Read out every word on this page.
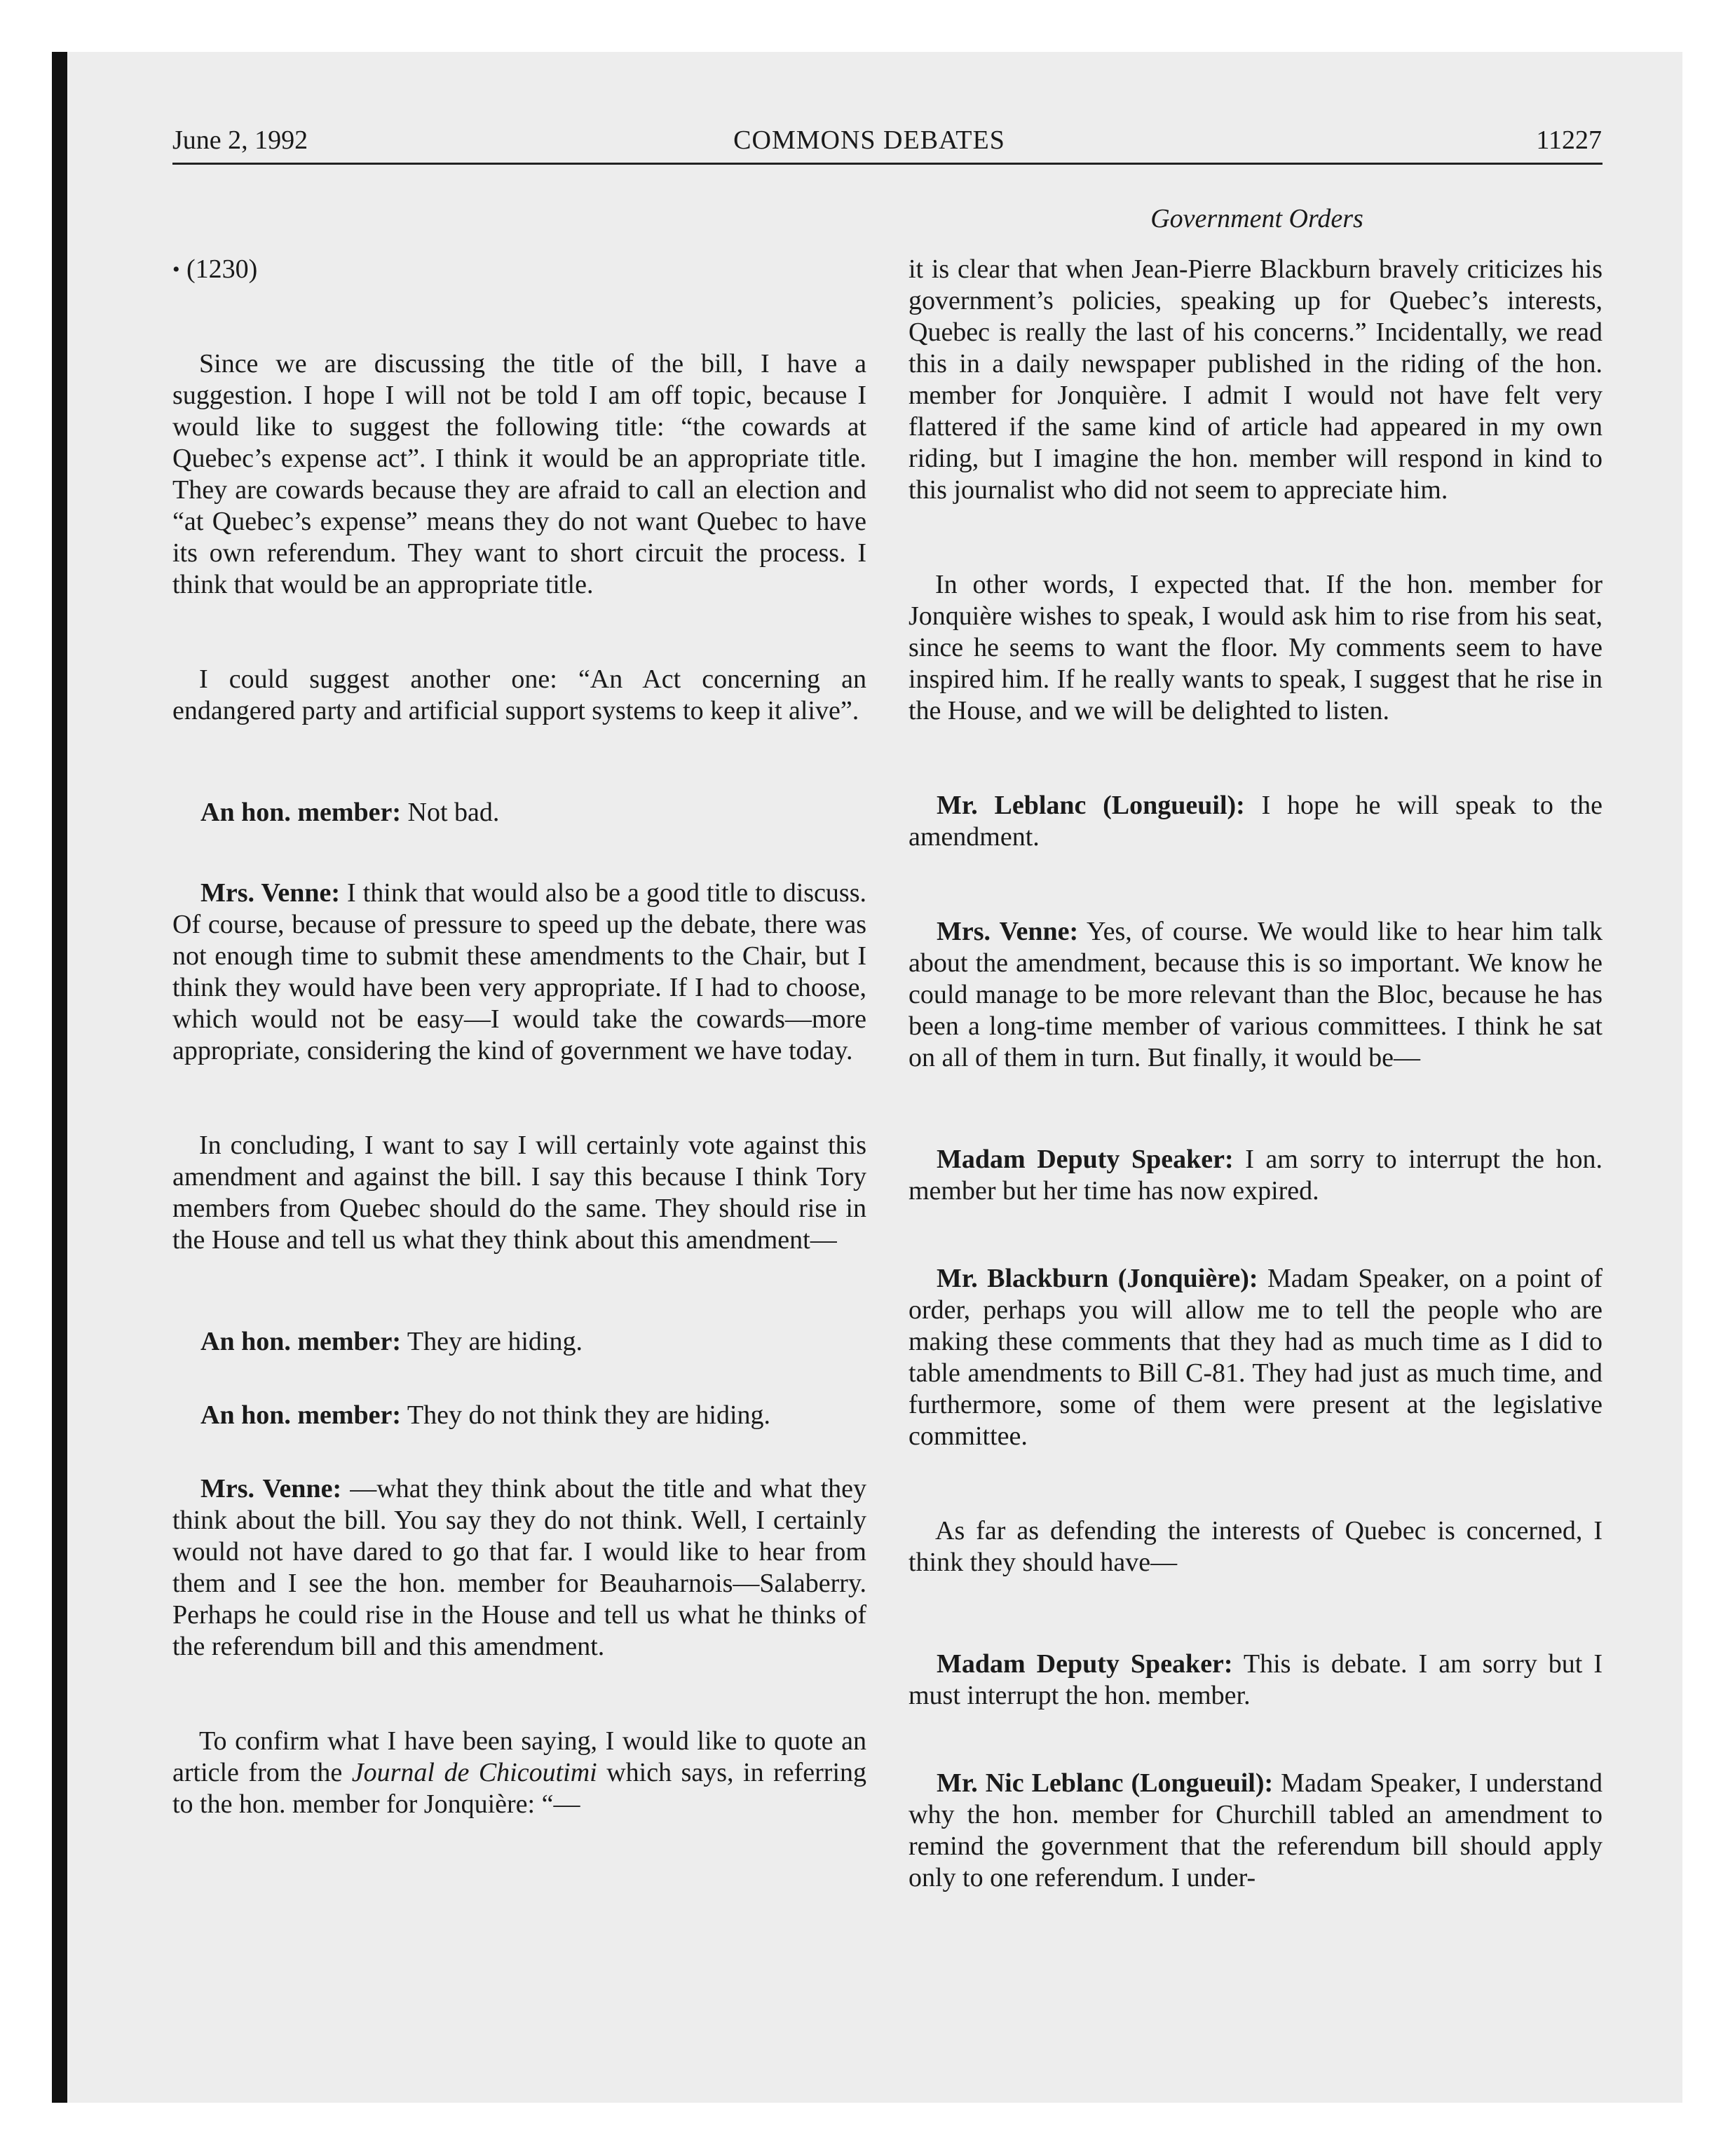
June 2, 1992	COMMONS DEBATES	11227
Government Orders

• (1230)

Since we are discussing the title of the bill, I have a suggestion. I hope I will not be told I am off topic, because I would like to suggest the following title: “the cowards at Quebec’s expense act”. I think it would be an appropriate title. They are cowards because they are afraid to call an election and “at Quebec’s expense” means they do not want Quebec to have its own referendum. They want to short circuit the process. I think that would be an appropriate title.

I could suggest another one: “An Act concerning an endangered party and artificial support systems to keep it alive”.

An hon. member: Not bad.

Mrs. Venne: I think that would also be a good title to discuss. Of course, because of pressure to speed up the debate, there was not enough time to submit these amendments to the Chair, but I think they would have been very appropriate. If I had to choose, which would not be easy—I would take the cowards—more appropriate, considering the kind of government we have today.

In concluding, I want to say I will certainly vote against this amendment and against the bill. I say this because I think Tory members from Quebec should do the same. They should rise in the House and tell us what they think about this amendment—

An hon. member: They are hiding.

An hon. member: They do not think they are hiding.

Mrs. Venne: —what they think about the title and what they think about the bill. You say they do not think. Well, I certainly would not have dared to go that far. I would like to hear from them and I see the hon. member for Beauharnois—Salaberry. Perhaps he could rise in the House and tell us what he thinks of the referendum bill and this amendment.

To confirm what I have been saying, I would like to quote an article from the Journal de Chicoutimi which says, in referring to the hon. member for Jonquière: “—

it is clear that when Jean-Pierre Blackburn bravely criticizes his government’s policies, speaking up for Quebec’s interests, Quebec is really the last of his concerns.” Incidentally, we read this in a daily newspaper published in the riding of the hon. member for Jonquière. I admit I would not have felt very flattered if the same kind of article had appeared in my own riding, but I imagine the hon. member will respond in kind to this journalist who did not seem to appreciate him.

In other words, I expected that. If the hon. member for Jonquière wishes to speak, I would ask him to rise from his seat, since he seems to want the floor. My comments seem to have inspired him. If he really wants to speak, I suggest that he rise in the House, and we will be delighted to listen.

Mr. Leblanc (Longueuil): I hope he will speak to the amendment.

Mrs. Venne: Yes, of course. We would like to hear him talk about the amendment, because this is so important. We know he could manage to be more relevant than the Bloc, because he has been a long-time member of various committees. I think he sat on all of them in turn. But finally, it would be—

Madam Deputy Speaker: I am sorry to interrupt the hon. member but her time has now expired.

Mr. Blackburn (Jonquière): Madam Speaker, on a point of order, perhaps you will allow me to tell the people who are making these comments that they had as much time as I did to table amendments to Bill C-81. They had just as much time, and furthermore, some of them were present at the legislative committee.

As far as defending the interests of Quebec is concerned, I think they should have—

Madam Deputy Speaker: This is debate. I am sorry but I must interrupt the hon. member.

Mr. Nic Leblanc (Longueuil): Madam Speaker, I understand why the hon. member for Churchill tabled an amendment to remind the government that the referendum bill should apply only to one referendum. I under-
